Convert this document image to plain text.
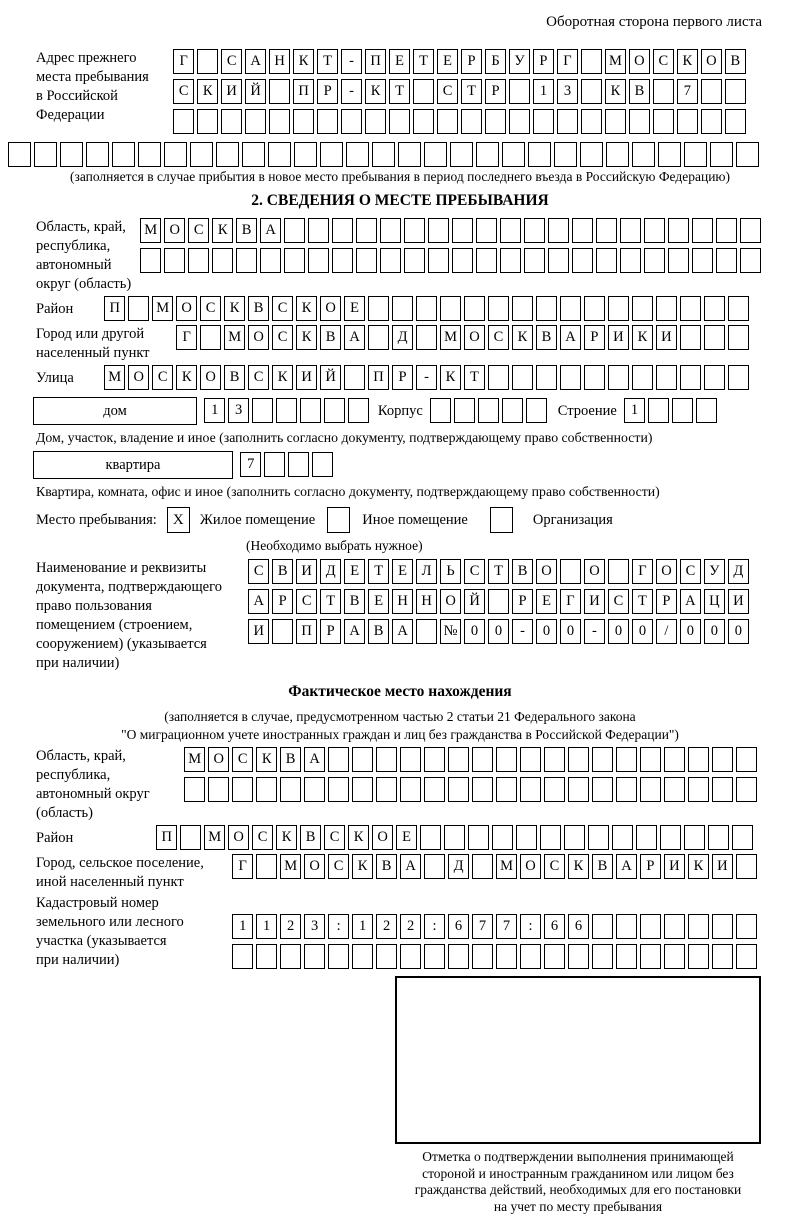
Оборотная сторона первого листа
Адрес прежнего
места пребывания
в Российской
Федерации
Г	С А Н К	Т	-	П Е	Т	Е	Р	Б	У	Р	Г	М О С К О В
С К И Й	П	Р	-	К	Т	С	Т	Р	1	3	К В	7
(заполняется в случае прибытия в новое место пребывания в период последнего въезда в Российскую Федерацию)
2. СВЕДЕНИЯ О МЕСТЕ ПРЕБЫВАНИЯ
Область, край,
республика,
автономный
округ (область)
М О С К В А
Район	П	М О С К В С К О Е
Город или другой
населенный пункт
Г	М О С К В А	Д	М О С К В А	Р	И К И
Улица	М О С К О В С К И Й	П	Р	-	К	Т
дом	1	3	Корпус	Строение 1
Дом, участок, владение и иное (заполнить согласно документу, подтверждающему право собственности)
квартира	7
Квартира, комната, офис и иное (заполнить согласно документу, подтверждающему право собственности)
Место пребывания:	X	Жилое помещение	Иное помещение	Организация
(Необходимо выбрать нужное)
Наименование и реквизиты
документа, подтверждающего
право пользования
помещением (строением,
сооружением) (указывается
при наличии)
С В И Д	Е	Т	Е	Л	Ь	С	Т	В О	О	Г	О С У Д
А	Р	С	Т	В	Е Н Н О Й	Р	Е	Г	И С	Т	Р	А Ц И
И	П	Р	А В А	№ 0	0	-	0	0	-	0	0	/	0	0	0
Фактическое место нахождения
(заполняется в случае, предусмотренном частью 2 статьи 21 Федерального закона
"О миграционном учете иностранных граждан и лиц без гражданства в Российской Федерации")
Область, край,
республика,
автономный округ
(область)
М О С К В А
Район	П	М О С К В С К О Е
Город, сельское поселение,
иной населенный пункт
Г	М О С К В А	Д	М О С К В А	Р	И К И
Кадастровый номер
земельного или лесного
участка (указывается
при наличии)
1	1	2	3	:	1	2	2	:	6	7	7	:	6	6
Отметка о подтверждении выполнения принимающей
стороной и иностранным гражданином или лицом без
гражданства действий, необходимых для его постановки
на учет по месту пребывания
